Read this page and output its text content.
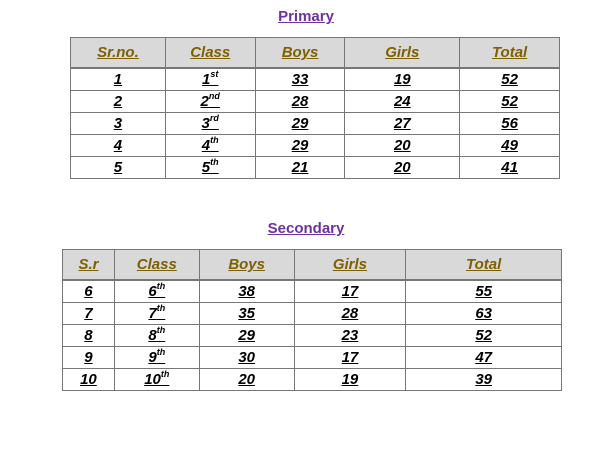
Primary
Sr.no.	Class	Boys	Girls	Total
1	1st	33	19	52
2	2nd	28	24	52
3	3rd	29	27	56
4	4th	29	20	49
5	5th	21	20	41
Secondary
S.r	Class	Boys	Girls	Total
6	6th	38	17	55
7	7th	35	28	63
8	8th	29	23	52
9	9th	30	17	47
10	10th	20	19	39
